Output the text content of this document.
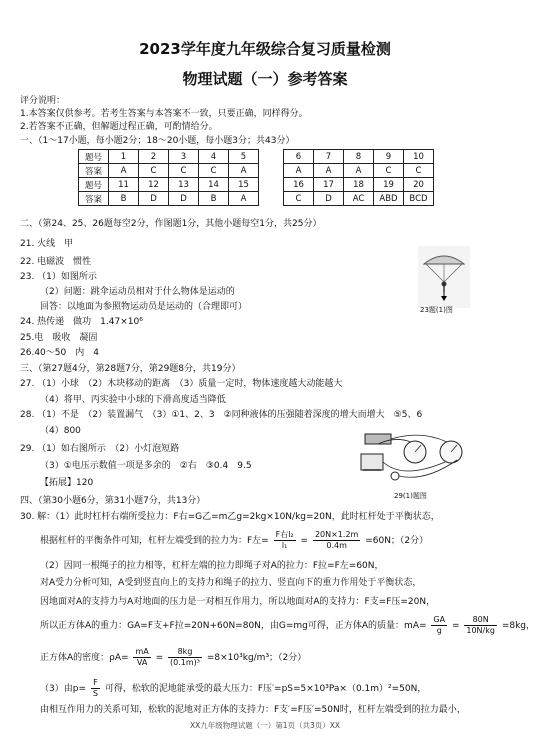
2023学年度九年级综合复习质量检测
物理试题（一）参考答案
评分说明：
1.本答案仅供参考。若考生答案与本答案不一致，只要正确，同样得分。
2.若答案不正确，但解题过程正确，可酌情给分。
一、（1～17小题，每小题2分；18～20小题，每小题3分；共43分）
题号	1	2	3	4	5		6	7	8	9	10
答案	A	C	C	C	A		A	A	A	C	C
题号	11	12	13	14	15		16	17	18	19	20
答案	B	D	D	B	A		C	D	AC	ABD	BCD
二、（第24、25、26题每空2分，作图题1分，其他小题每空1分，共25分）
21. 火线　甲
22. 电磁波　惯性
23. （1）如图所示
（2）问题：跳伞运动员相对于什么物体是运动的
回答：以地面为参照物运动员是运动的（合理即可）
24. 热传递　做功　1.47×10⁶
25.电　吸收　凝固
26.40～50　内　4
23题(1)图
三、（第27题4分，第28题7分，第29题8分，共19分）
27. （1）小球　（2）木块移动的距离　（3）质量一定时，物体速度越大动能越大
（4）将甲、丙实验中小球的下滑高度适当降低
28. （1）不是　（2）装置漏气　（3）①1、2、3　②同种液体的压强随着深度的增大而增大　⑤5、6
（4）800
29. （1）如右图所示　（2）小灯泡短路
（3）①电压示数值一项是多余的　②右　③0.4　9.5
【拓展】120
29(1)题图
四、（第30小题6分，第31小题7分，共13分）
30. 解：（1）此时杠杆右端所受拉力：F右=G乙=m乙g=2kg×10N/kg=20N，此时杠杆处于平衡状态，
根据杠杆的平衡条件可知，杠杆左端受到的拉力为：F左= $\frac{\text{F右l₂}}{\text{l₁}} = \frac{20N\times 1.2m}{0.4m} =60N$；（2分）
（2）因同一根绳子的拉力相等，杠杆左端的拉力即绳子对A的拉力：F拉=F左=60N，
对A受力分析可知，A受到竖直向上的支持力和绳子的拉力、竖直向下的重力作用处于平衡状态，
因地面对A的支持力与A对地面的压力是一对相互作用力，所以地面对A的支持力：F支=F压=20N，
所以正方体A的重力：GA=F支+F拉=20N+60N=80N，由G=mg可得，正方体A的质量：$mA= \frac{GA}{g} = \frac{80N}{10N/kg} =8kg$，
正方体A的密度：$\rho A= \frac{mA}{VA} = \frac{8kg}{\text{(0.1m)³}} =8\times 10^3kg/m^3$；（2分）
（3）由$p= \frac{F}{S}$ 可得，松软的泥地能承受的最大压力：F压′=pS=5×10³Pa×（0.1m）²=50N，
由相互作用力的关系可知，松软的泥地对正方体的支持力：F支′=F压′=50N时，杠杆左端受到的拉力最小，
XX九年级物理试题（一）第1页（共3页）XX
